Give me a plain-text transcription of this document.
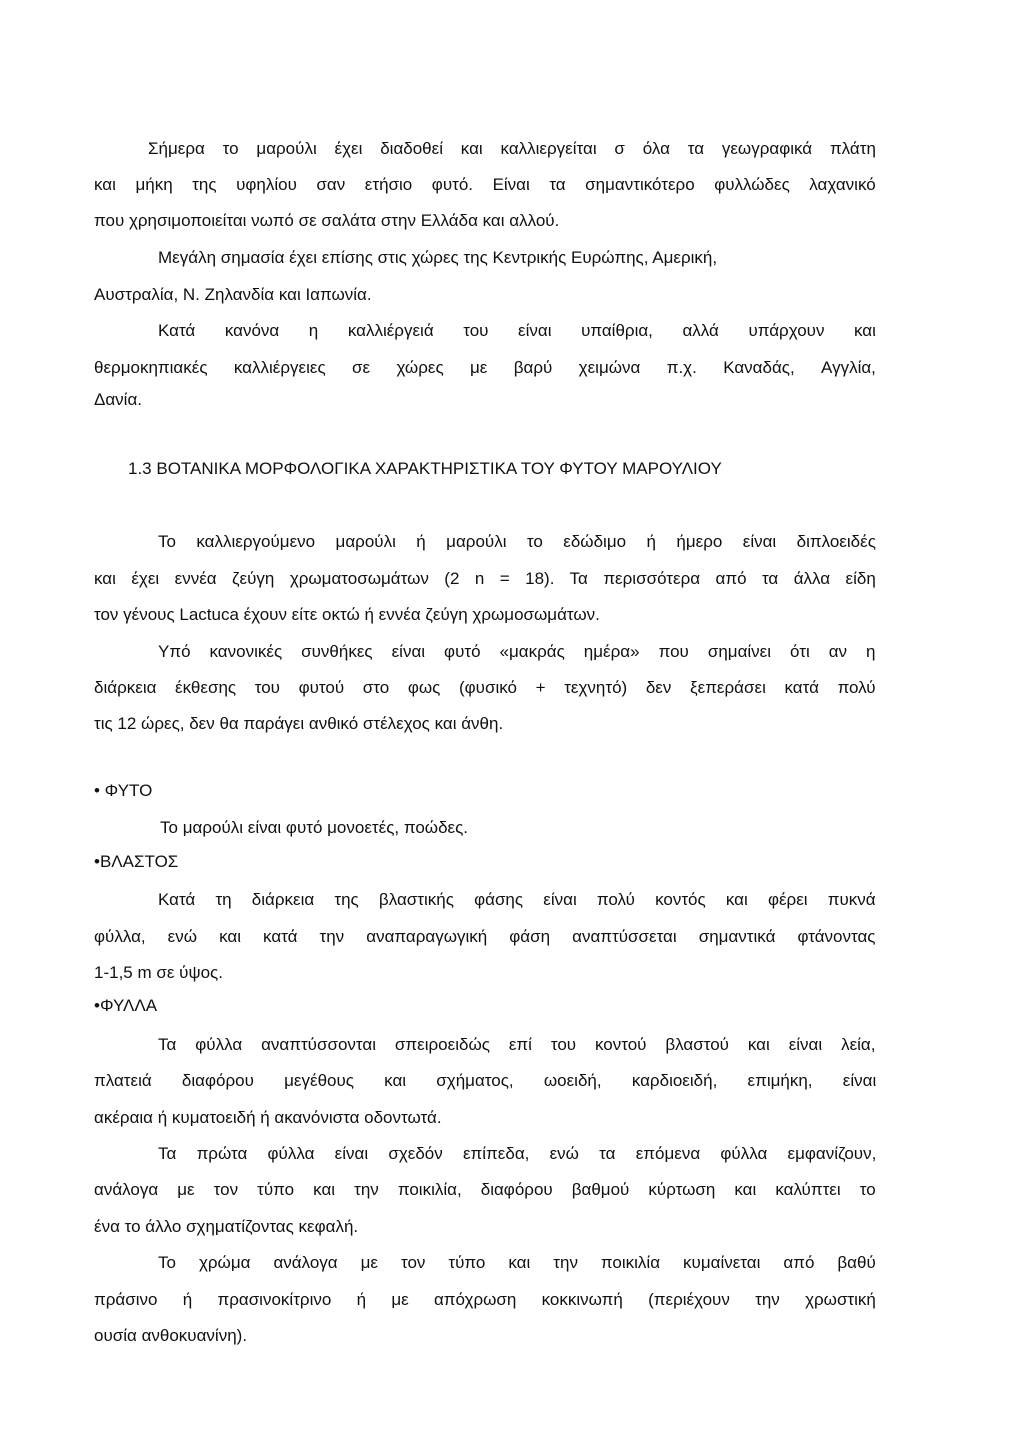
Σήμερα το μαρούλι έχει διαδοθεί και καλλιεργείται σ όλα τα γεωγραφικά πλάτη
και μήκη της υφηλίου σαν ετήσιο φυτό. Είναι τα σημαντικότερο φυλλώδες λαχανικό
που χρησιμοποιείται νωπό σε σαλάτα στην Ελλάδα και αλλού.
Μεγάλη σημασία έχει επίσης στις χώρες της Κεντρικής Ευρώπης, Αμερική,
Αυστραλία, Ν. Ζηλανδία και Ιαπωνία.
Κατά κανόνα η καλλιέργειά του είναι υπαίθρια, αλλά υπάρχουν και
θερμοκηπιακές καλλιέργειες σε χώρες με βαρύ χειμώνα π.χ. Καναδάς, Αγγλία,
Δανία.
1.3 ΒΟΤΑΝΙΚΑ ΜΟΡΦΟΛΟΓΙΚΑ ΧΑΡΑΚΤΗΡΙΣΤΙΚΑ ΤΟΥ ΦΥΤΟΥ ΜΑΡΟΥΛΙΟΥ
Το καλλιεργούμενο μαρούλι ή μαρούλι το εδώδιμο ή ήμερο είναι διπλοειδές
και έχει εννέα ζεύγη χρωματοσωμάτων (2 n = 18). Τα περισσότερα από τα άλλα είδη
τον γένους Lactuca έχουν είτε οκτώ ή εννέα ζεύγη χρωμοσωμάτων.
Υπό κανονικές συνθήκες είναι φυτό «μακράς ημέρα» που σημαίνει ότι αν η
διάρκεια έκθεσης του φυτού στο φως (φυσικό + τεχνητό) δεν ξεπεράσει κατά πολύ
τις 12 ώρες, δεν θα παράγει ανθικό στέλεχος και άνθη.
• ΦΥΤΟ
Το μαρούλι είναι φυτό μονοετές, ποώδες.
•ΒΛΑΣΤΟΣ
Κατά τη διάρκεια της βλαστικής φάσης είναι πολύ κοντός και φέρει πυκνά
φύλλα, ενώ και κατά την αναπαραγωγική φάση αναπτύσσεται σημαντικά φτάνοντας
1-1,5 m σε ύψος.
•ΦΥΛΛΑ
Τα φύλλα αναπτύσσονται σπειροειδώς επί του κοντού βλαστού και είναι λεία,
πλατειά διαφόρου μεγέθους και σχήματος, ωοειδή, καρδιοειδή, επιμήκη, είναι
ακέραια ή κυματοειδή ή ακανόνιστα οδοντωτά.
Τα πρώτα φύλλα είναι σχεδόν επίπεδα, ενώ τα επόμενα φύλλα εμφανίζουν,
ανάλογα με τον τύπο και την ποικιλία, διαφόρου βαθμού κύρτωση και καλύπτει το
ένα το άλλο σχηματίζοντας κεφαλή.
Το χρώμα ανάλογα με τον τύπο και την ποικιλία κυμαίνεται από βαθύ
πράσινο ή πρασινοκίτρινο ή με απόχρωση κοκκινωπή (περιέχουν την χρωστική
ουσία ανθοκυανίνη).
